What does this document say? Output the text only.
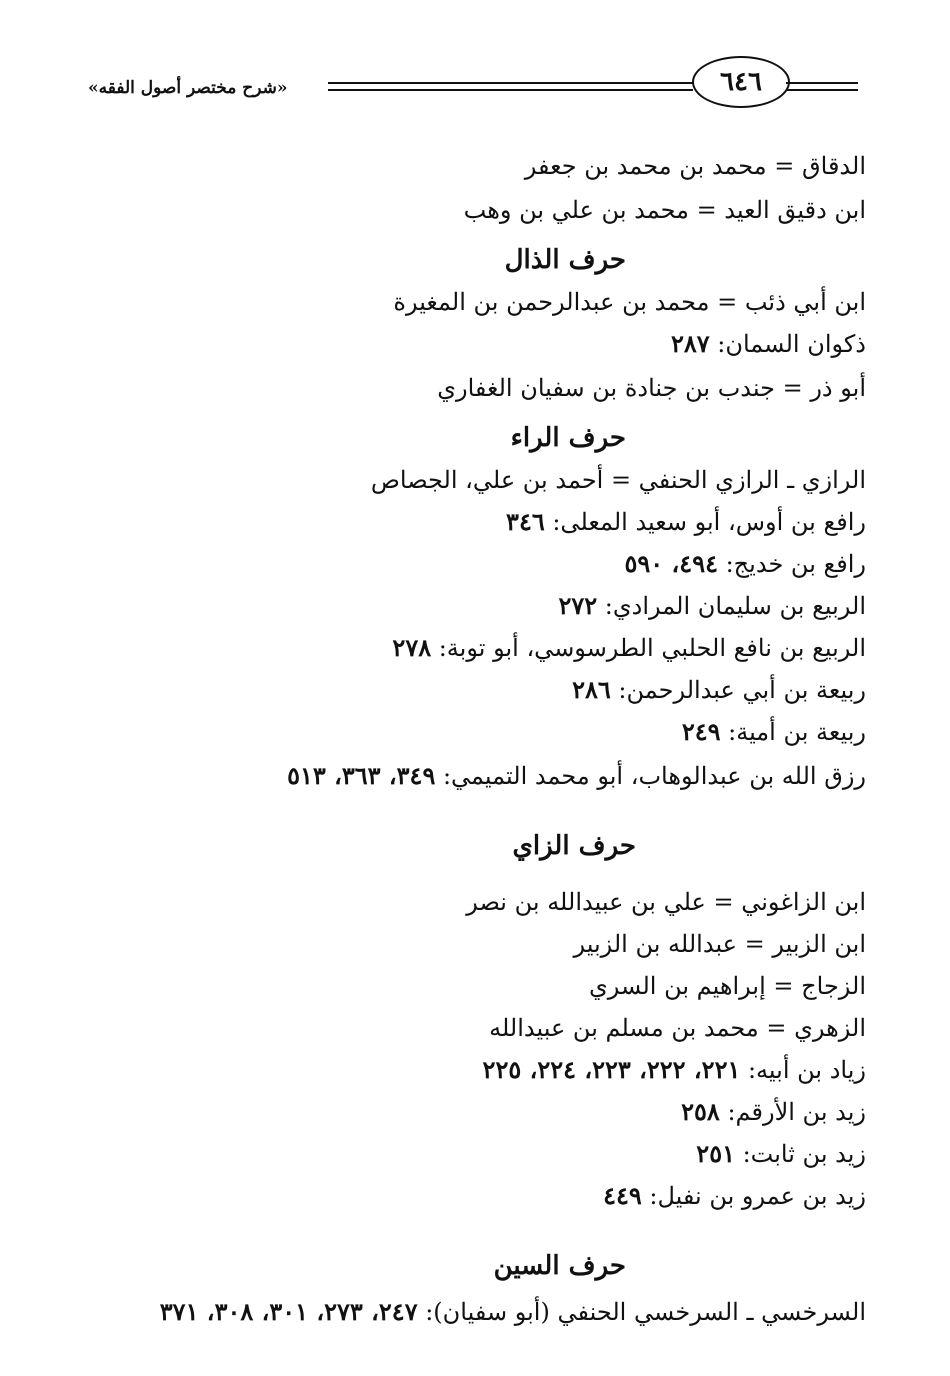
«شرح مختصر أصول الفقه»	٦٤٦
الدقاق = محمد بن محمد بن جعفر
ابن دقيق العيد = محمد بن علي بن وهب
حرف الذال
ابن أبي ذئب = محمد بن عبدالرحمن بن المغيرة
ذكوان السمان: ٢٨٧
أبو ذر = جندب بن جنادة بن سفيان الغفاري
حرف الراء
الرازي ـ الرازي الحنفي = أحمد بن علي، الجصاص
رافع بن أوس، أبو سعيد المعلى: ٣٤٦
رافع بن خديج: ٤٩٤، ٥٩٠
الربيع بن سليمان المرادي: ٢٧٢
الربيع بن نافع الحلبي الطرسوسي، أبو توبة: ٢٧٨
ربيعة بن أبي عبدالرحمن: ٢٨٦
ربيعة بن أمية: ٢٤٩
رزق الله بن عبدالوهاب، أبو محمد التميمي: ٣٤٩، ٣٦٣، ٥١٣
حرف الزاي
ابن الزاغوني = علي بن عبيدالله بن نصر
ابن الزبير = عبدالله بن الزبير
الزجاج = إبراهيم بن السري
الزهري = محمد بن مسلم بن عبيدالله
زياد بن أبيه: ٢٢١، ٢٢٢، ٢٢٣، ٢٢٤، ٢٢٥
زيد بن الأرقم: ٢٥٨
زيد بن ثابت: ٢٥١
زيد بن عمرو بن نفيل: ٤٤٩
حرف السين
السرخسي ـ السرخسي الحنفي (أبو سفيان): ٢٤٧، ٢٧٣، ٣٠١، ٣٠٨، ٣٧١
